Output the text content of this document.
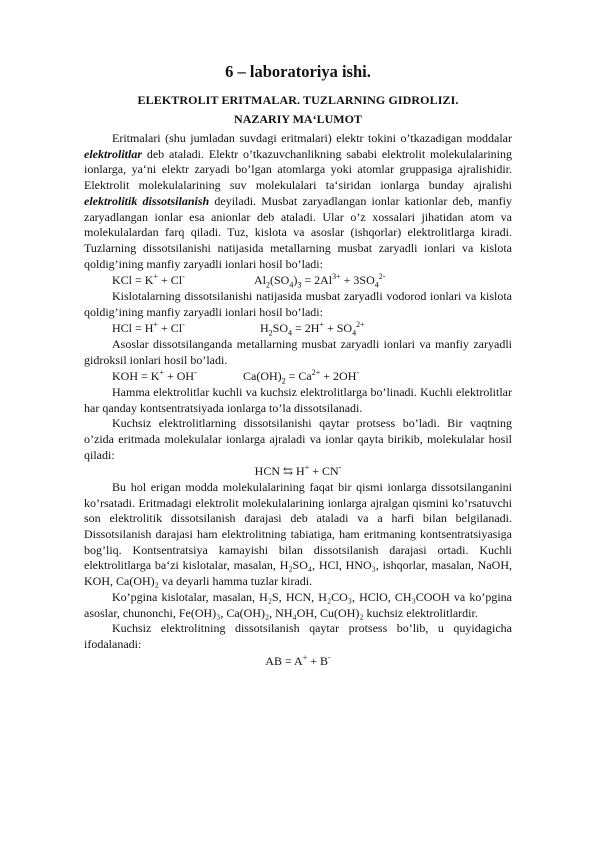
6 – laboratoriya ishi.
ELEKTROLIT ERITMALAR. TUZLARNING GIDROLIZI.
NAZARIY MA‘LUMOT

Eritmalari (shu jumladan suvdagi eritmalari) elektr tokini o’tkazadigan moddalar elektrolitlar deb ataladi. Elektr o’tkazuvchanlikning sababi elektrolit molekulalarining ionlarga, ya‘ni elektr zaryadi bo’lgan atomlarga yoki atomlar gruppasiga ajralishidir. Elektrolit molekulalarining suv molekulalari ta‘siridan ionlarga bunday ajralishi elektrolitik dissotsilanish deyiladi. Musbat zaryadlangan ionlar kationlar deb, manfiy zaryadlangan ionlar esa anionlar deb ataladi. Ular o’z xossalari jihatidan atom va molekulalardan farq qiladi. Tuz, kislota va asoslar (ishqorlar) elektrolitlarga kiradi. Tuzlarning dissotsilanishi natijasida metallarning musbat zaryadli ionlari va kislota qoldig’ining manfiy zaryadli ionlari hosil bo’ladi:

KCl = K+ + Cl-	$Al_2(SO_4)_3 = 2Al^{3+} + 3SO_4^{2-}$

Kislotalarning dissotsilanishi natijasida musbat zaryadli vodorod ionlari va kislota qoldig’ining manfiy zaryadli ionlari hosil bo’ladi:

HCl = H+ + Cl-	$H_2SO_4 = 2H^+ + SO_4^{2+}$

Asoslar dissotsilanganda metallarning musbat zaryadli ionlari va manfiy zaryadli gidroksil ionlari hosil bo’ladi.

KOH = K+ + OH-	$Ca(OH)_2 = Ca^{2+} + 2OH^-$

Hamma elektrolitlar kuchli va kuchsiz elektrolitlarga bo’linadi. Kuchli elektrolitlar har qanday kontsentratsiyada ionlarga to’la dissotsilanadi.

Kuchsiz elektrolitlarning dissotsilanishi qaytar protsess bo’ladi. Bir vaqtning o’zida eritmada molekulalar ionlarga ajraladi va ionlar qayta birikib, molekulalar hosil qiladi:

HCN ⇆ H+ + CN-

Bu hol erigan modda molekulalarining faqat bir qismi ionlarga dissotsilanganini ko’rsatadi. Eritmadagi elektrolit molekulalarining ionlarga ajralgan qismini ko’rsatuvchi son elektrolitik dissotsilanish darajasi deb ataladi va a harfi bilan belgilanadi. Dissotsilanish darajasi ham elektrolitning tabiatiga, ham eritmaning kontsentratsiyasiga bog’liq. Kontsentratsiya kamayishi bilan dissotsilanish darajasi ortadi. Kuchli elektrolitlarga ba‘zi kislotalar, masalan, H₂SO₄, HCl, HNO₃, ishqorlar, masalan, NaOH, KOH, Ca(OH)₂ va deyarli hamma tuzlar kiradi.

Ko’pgina kislotalar, masalan, H₂S, HCN, H₂CO₃, HClO, CH₃COOH va ko’pgina asoslar, chunonchi, Fe(OH)₃, Ca(OH)₂, NH₄OH, Cu(OH)₂ kuchsiz elektrolitlardir.

Kuchsiz elektrolitning dissotsilanish qaytar protsess bo’lib, u quyidagicha ifodalanadi:

AB = A+ + B-
